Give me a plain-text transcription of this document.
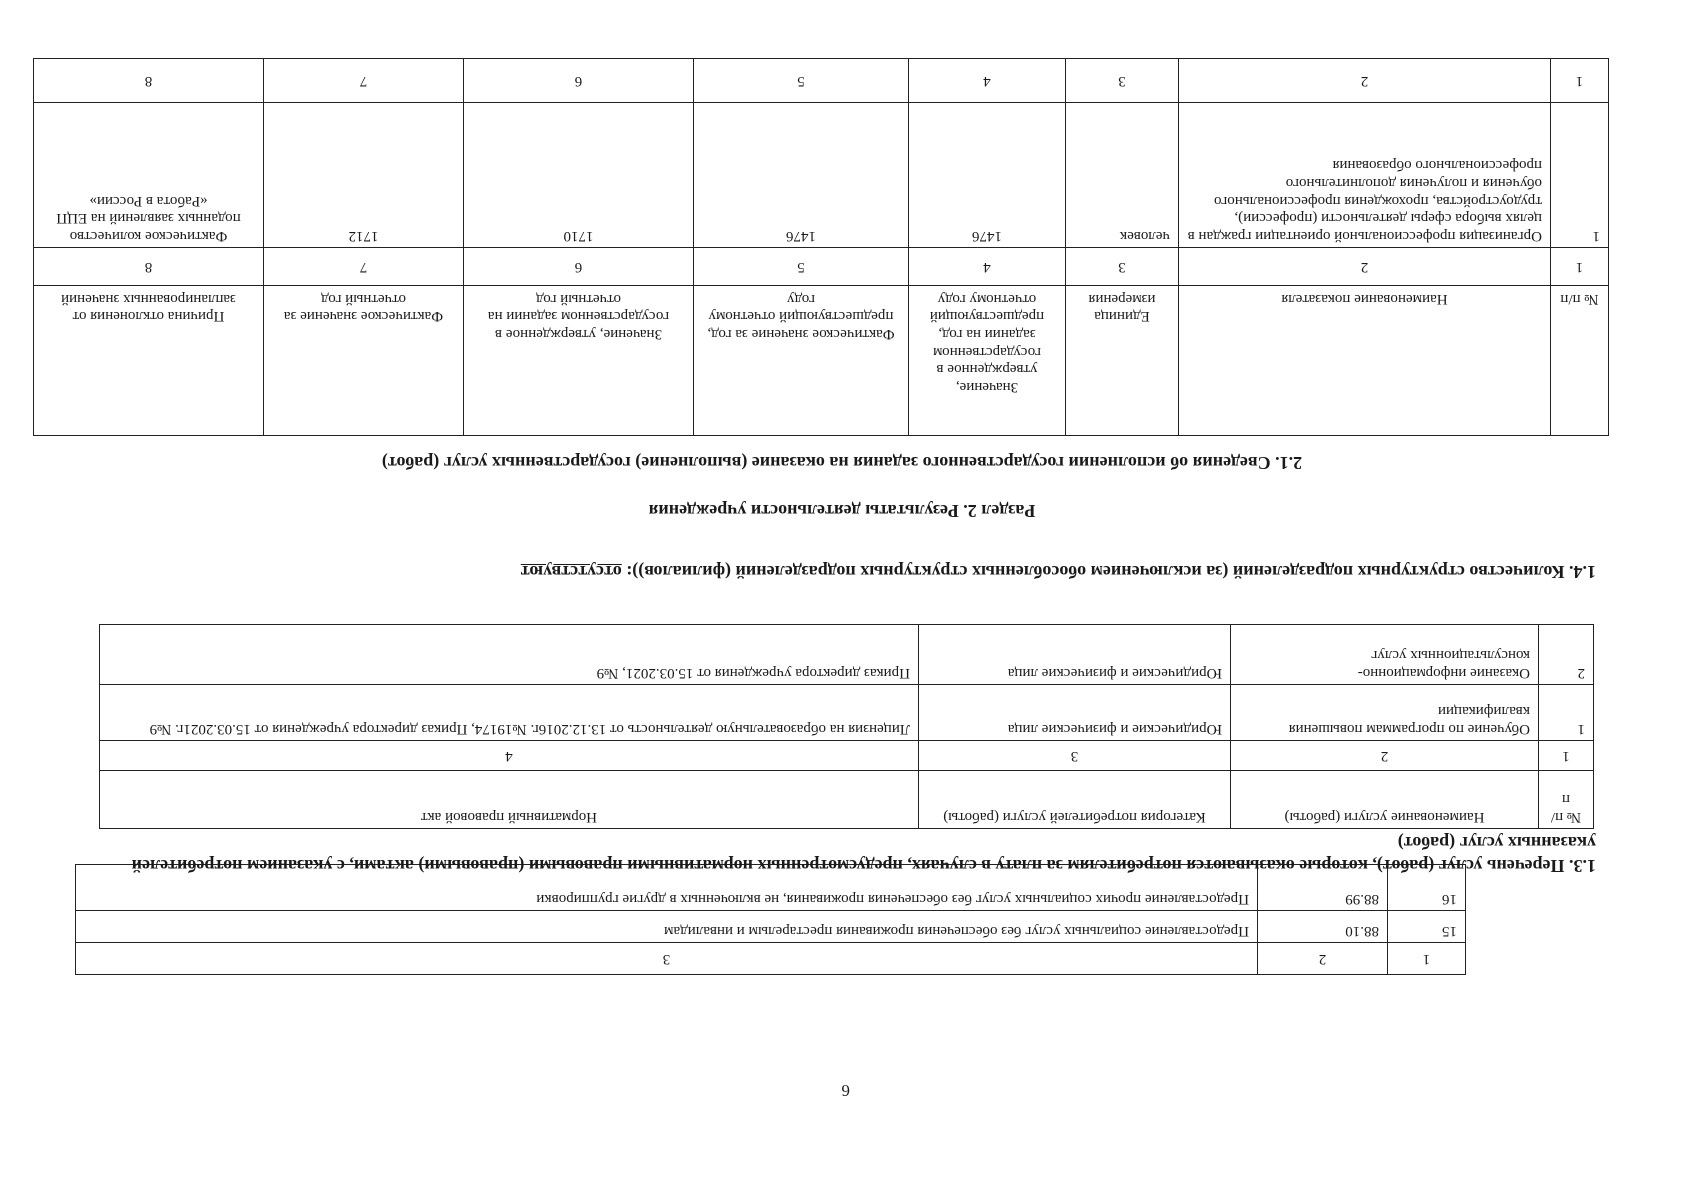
1	2	3
15	88.10	Предоставление социальных услуг без обеспечения проживания престарелым и инвалидам
16	88.99	Предоставление прочих социальных услуг без обеспечения проживания, не включенных в другие группировки
1.3. Перечень услуг (работ), которые оказываются потребителям за плату в случаях, предусмотренных нормативными правовыми (правовыми) актами, с указанием потребителей указанных услуг (работ)
№ п/п	Наименование услуги (работы)	Категория потребителей услуги (работы)	Нормативный правовой акт
1	2	3	4
1	Обучение по программам повышения квалификации	Юридические и физические лица	Лицензия на образовательную деятельность от 13.12.2016г. №19174, Приказ директора учреждения от 15.03.2021г. №9
2	Оказание информационно-консультационных услуг	Юридические и физические лица	Приказ директора учреждения от 15.03.2021, №9
1.4. Количество структурных подразделений (за исключением обособленных структурных подразделений (филиалов)): отсутствуют
Раздел 2. Результаты деятельности учреждения
2.1. Сведения об исполнении государственного задания на оказание (выполнение) государственных услуг (работ)
№ п/п	Наименование показателя	Единица измерения	Значение, утвержденное в государственном задании на год, предшествующий отчетному году	Фактическое значение за год, предшествующий отчетному году	Значение, утвержденное в государственном задании на отчетный год	Фактическое значение за отчетный год	Причина отклонения от запланированных значений
1	2	3	4	5	6	7	8
1	Организация профессиональной ориентации граждан в целях выбора сферы деятельности (профессии), трудоустройства, прохождения профессионального обучения и получения дополнительного профессионального образования	человек	1476	1476	1710	1712	Фактическое количество поданных заявлений на ЕЦП «Работа в России»
1	2	3	4	5	6	7	8
6
